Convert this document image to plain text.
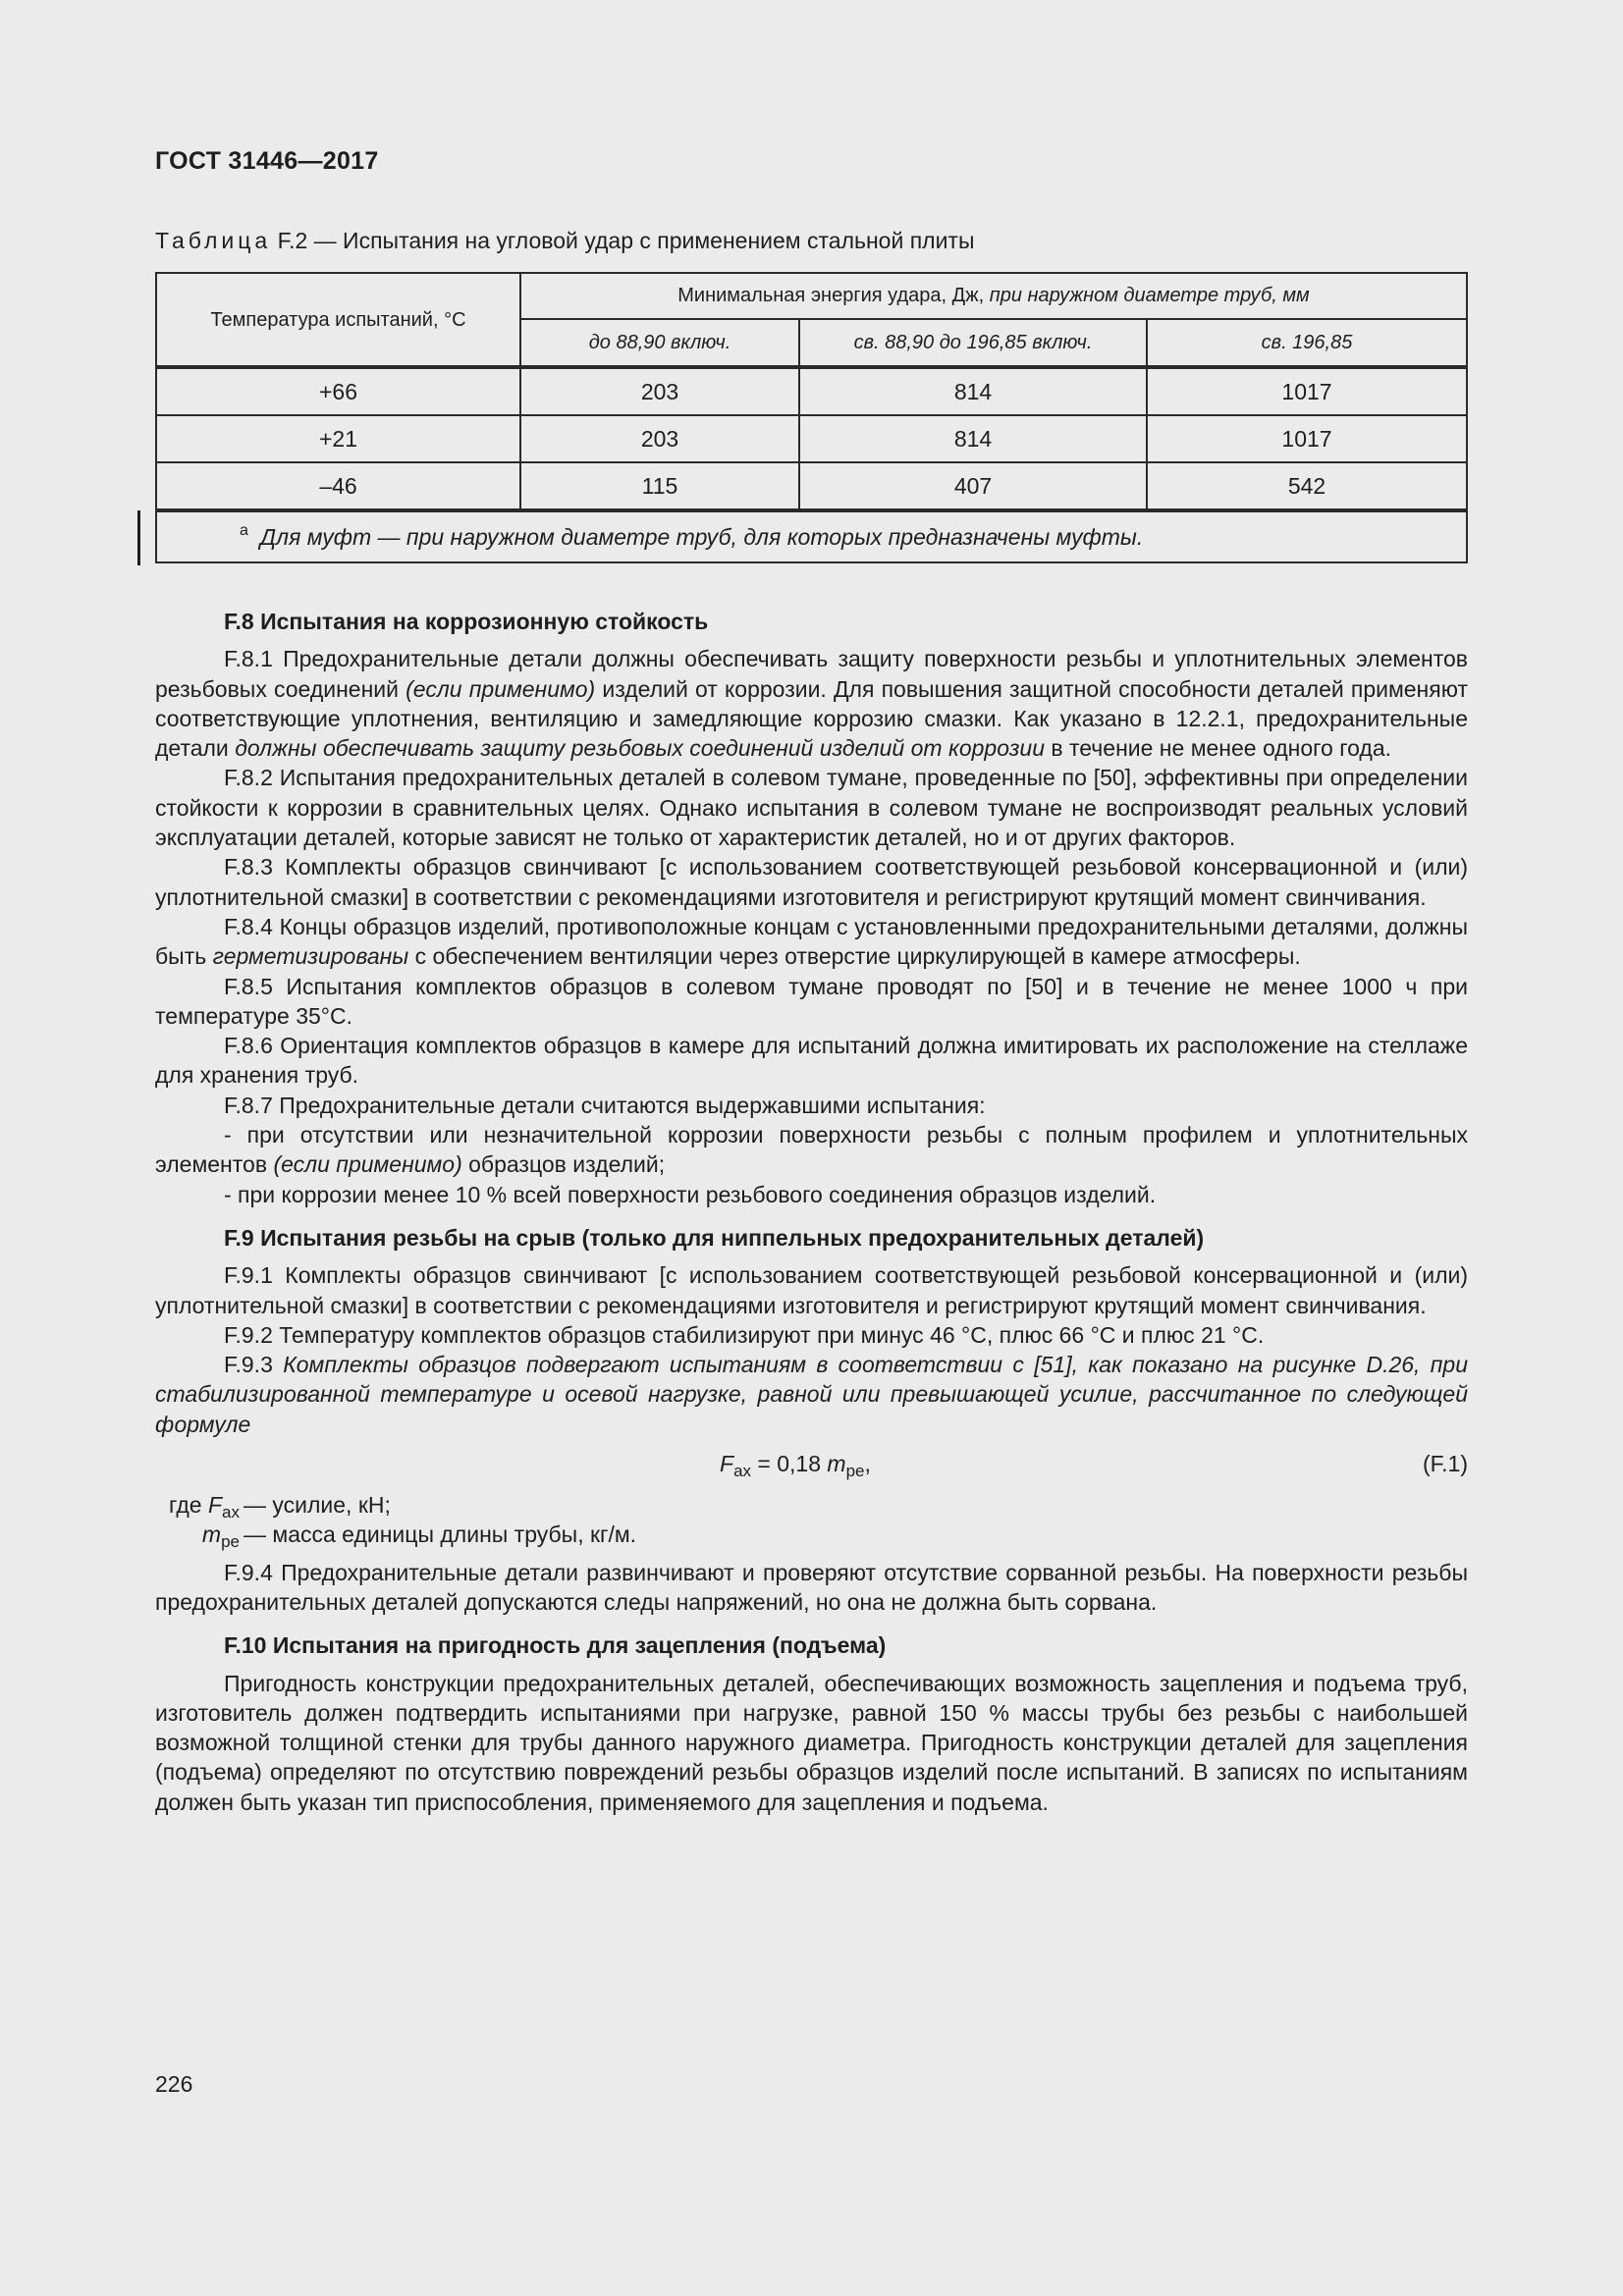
ГОСТ 31446—2017
Таблица F.2 — Испытания на угловой удар с применением стальной плиты
Температура испытаний, °С	Минимальная энергия удара, Дж, при наружном диаметре труб, мм		
	до 88,90 включ.	св. 88,90 до 196,85 включ.	св. 196,85
+66	203	814	1017
+21	203	814	1017
–46	115	407	542
$^a$ Для муфт — при наружном диаметре труб, для которых предназначены муфты.			
F.8 Испытания на коррозионную стойкость

F.8.1 Предохранительные детали должны обеспечивать защиту поверхности резьбы и уплотнительных элементов резьбовых соединений (если применимо) изделий от коррозии. Для повышения защитной способности деталей применяют соответствующие уплотнения, вентиляцию и замедляющие коррозию смазки. Как указано в 12.2.1, предохранительные детали должны обеспечивать защиту резьбовых соединений изделий от коррозии в течение не менее одного года.

F.8.2 Испытания предохранительных деталей в солевом тумане, проведенные по [50], эффективны при определении стойкости к коррозии в сравнительных целях. Однако испытания в солевом тумане не воспроизводят реальных условий эксплуатации деталей, которые зависят не только от характеристик деталей, но и от других факторов.

F.8.3 Комплекты образцов свинчивают [с использованием соответствующей резьбовой консервационной и (или) уплотнительной смазки] в соответствии с рекомендациями изготовителя и регистрируют крутящий момент свинчивания.

F.8.4 Концы образцов изделий, противоположные концам с установленными предохранительными деталями, должны быть герметизированы с обеспечением вентиляции через отверстие циркулирующей в камере атмосферы.

F.8.5 Испытания комплектов образцов в солевом тумане проводят по [50] и в течение не менее 1000 ч при температуре 35°С.

F.8.6 Ориентация комплектов образцов в камере для испытаний должна имитировать их расположение на стеллаже для хранения труб.

F.8.7 Предохранительные детали считаются выдержавшими испытания:

- при отсутствии или незначительной коррозии поверхности резьбы с полным профилем и уплотнительных элементов (если применимо) образцов изделий;

- при коррозии менее 10 % всей поверхности резьбового соединения образцов изделий.

F.9 Испытания резьбы на срыв (только для ниппельных предохранительных деталей)

F.9.1 Комплекты образцов свинчивают [с использованием соответствующей резьбовой консервационной и (или) уплотнительной смазки] в соответствии с рекомендациями изготовителя и регистрируют крутящий момент свинчивания.

F.9.2 Температуру комплектов образцов стабилизируют при минус 46 °С, плюс 66 °С и плюс 21 °С.

F.9.3 Комплекты образцов подвергают испытаниям в соответствии с [51], как показано на рисунке D.26, при стабилизированной температуре и осевой нагрузке, равной или превышающей усилие, рассчитанное по следующей формуле

$F_{ax} = 0,18$ $m_{pe}$,	(F.1)
где $F_{ax}$ — усилие, кН;
$m_{pe}$ — масса единицы длины трубы, кг/м.

F.9.4 Предохранительные детали развинчивают и проверяют отсутствие сорванной резьбы. На поверхности резьбы предохранительных деталей допускаются следы напряжений, но она не должна быть сорвана.

F.10 Испытания на пригодность для зацепления (подъема)

Пригодность конструкции предохранительных деталей, обеспечивающих возможность зацепления и подъема труб, изготовитель должен подтвердить испытаниями при нагрузке, равной 150 % массы трубы без резьбы с наибольшей возможной толщиной стенки для трубы данного наружного диаметра. Пригодность конструкции деталей для зацепления (подъема) определяют по отсутствию повреждений резьбы образцов изделий после испытаний. В записях по испытаниям должен быть указан тип приспособления, применяемого для зацепления и подъема.

226
